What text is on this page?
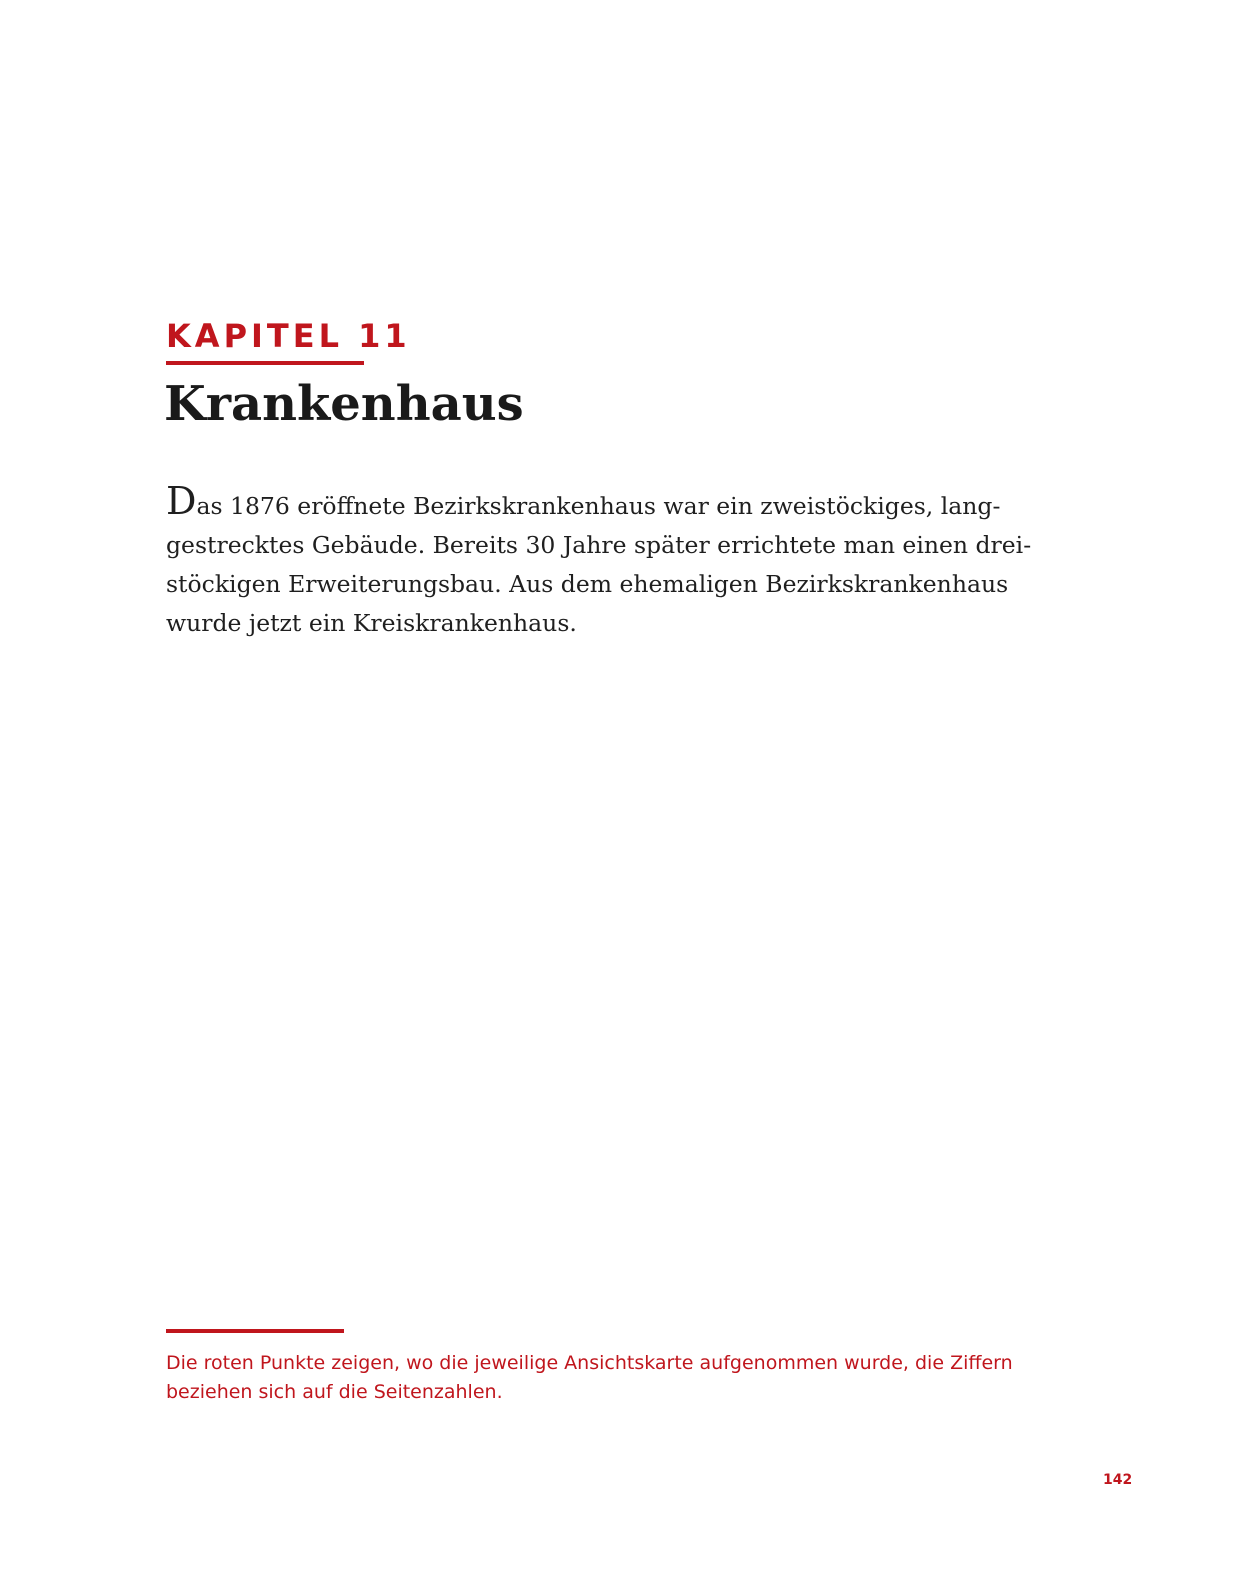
KAPITEL 11
Krankenhaus

Das 1876 eröffnete Bezirkskrankenhaus war ein zweistöckiges, lang-
gestrecktes Gebäude. Bereits 30 Jahre später errichtete man einen drei-
stöckigen Erweiterungsbau. Aus dem ehemaligen Bezirkskrankenhaus
wurde jetzt ein Kreiskrankenhaus.

Die roten Punkte zeigen, wo die jeweilige Ansichtskarte aufgenommen wurde, die Ziffern
beziehen sich auf die Seitenzahlen.

142
